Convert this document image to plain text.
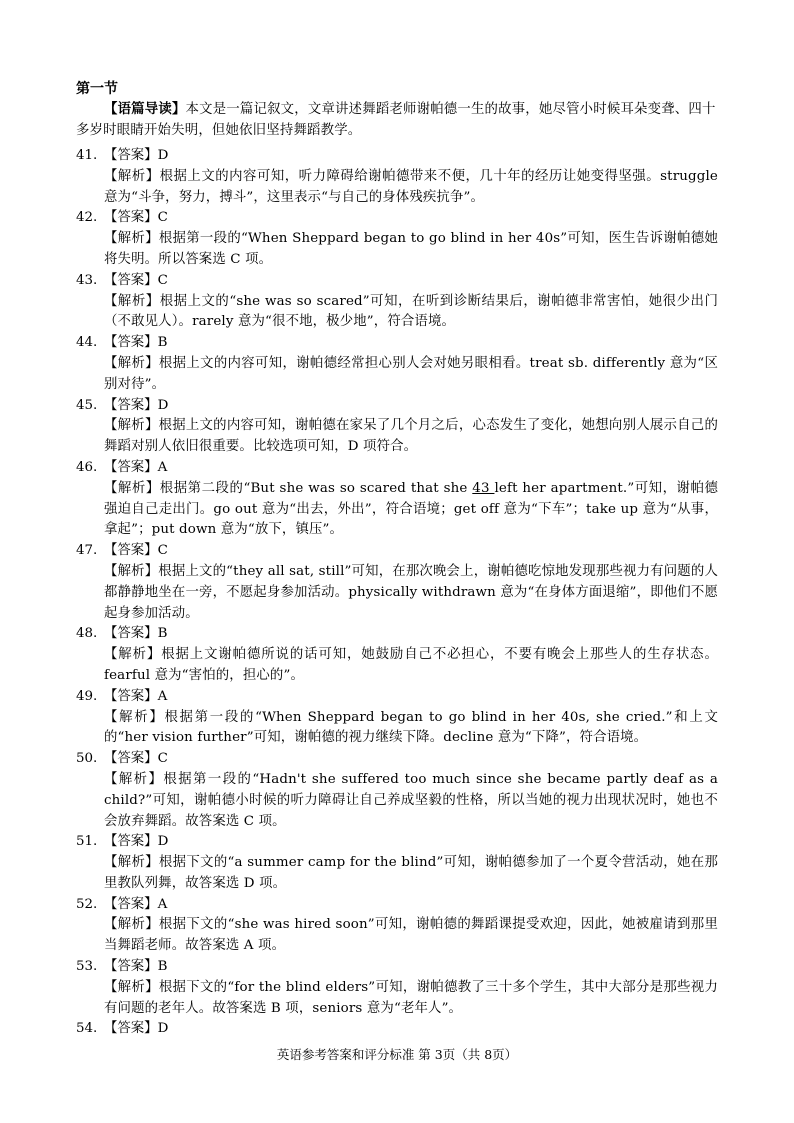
第一节
【语篇导读】本文是一篇记叙文，文章讲述舞蹈老师谢帕德一生的故事，她尽管小时候耳朵变聋、四十多岁时眼睛开始失明，但她依旧坚持舞蹈教学。
41. 【答案】 D
【解析】根据上文的内容可知，听力障碍给谢帕德带来不便，几十年的经历让她变得坚强。struggle 意为“斗争，努力，搏斗”，这里表示“与自己的身体残疾抗争”。
42. 【答案】 C
【解析】根据第一段的“When Sheppard began to go blind in her 40s”可知，医生告诉谢帕德她将失明。所以答案选 C 项。
43. 【答案】 C
【解析】根据上文的“she was so scared”可知，在听到诊断结果后，谢帕德非常害怕，她很少出门（不敢见人）。rarely 意为“很不地，极少地”，符合语境。
44. 【答案】 B
【解析】根据上文的内容可知，谢帕德经常担心别人会对她另眼相看。treat sb. differently 意为“区别对待”。
45. 【答案】 D
【解析】根据上文的内容可知，谢帕德在家呆了几个月之后，心态发生了变化，她想向别人展示自己的舞蹈对别人依旧很重要。比较选项可知，D 项符合。
46. 【答案】 A
【解析】根据第二段的“But she was so scared that she 43 left her apartment.”可知，谢帕德强迫自己走出门。go out 意为“出去，外出”，符合语境；get off 意为“下车”；take up 意为“从事，拿起”；put down 意为“放下，镇压”。
47. 【答案】 C
【解析】根据上文的“they all sat, still”可知，在那次晚会上，谢帕德吃惊地发现那些视力有问题的人都静静地坐在一旁，不愿起身参加活动。physically withdrawn 意为“在身体方面退缩”，即他们不愿起身参加活动。
48. 【答案】 B
【解析】根据上文谢帕德所说的话可知，她鼓励自己不必担心，不要有晚会上那些人的生存状态。fearful 意为“害怕的，担心的”。
49. 【答案】 A
【解析】根据第一段的“When Sheppard began to go blind in her 40s, she cried.”和上文的“her vision further”可知，谢帕德的视力继续下降。decline 意为“下降”，符合语境。
50. 【答案】 C
【解析】根据第一段的“Hadn't she suffered too much since she became partly deaf as a child?”可知，谢帕德小时候的听力障碍让自己养成坚毅的性格，所以当她的视力出现状况时，她也不会放弃舞蹈。故答案选 C 项。
51. 【答案】 D
【解析】根据下文的“a summer camp for the blind”可知，谢帕德参加了一个夏令营活动，她在那里教队列舞，故答案选 D 项。
52. 【答案】 A
【解析】根据下文的“she was hired soon”可知，谢帕德的舞蹈课提受欢迎，因此，她被雇请到那里当舞蹈老师。故答案选 A 项。
53. 【答案】 B
【解析】根据下文的“for the blind elders”可知，谢帕德教了三十多个学生，其中大部分是那些视力有问题的老年人。故答案选 B 项，seniors 意为“老年人”。
54. 【答案】 D
英语参考答案和评分标准 第 3页（共 8页）
